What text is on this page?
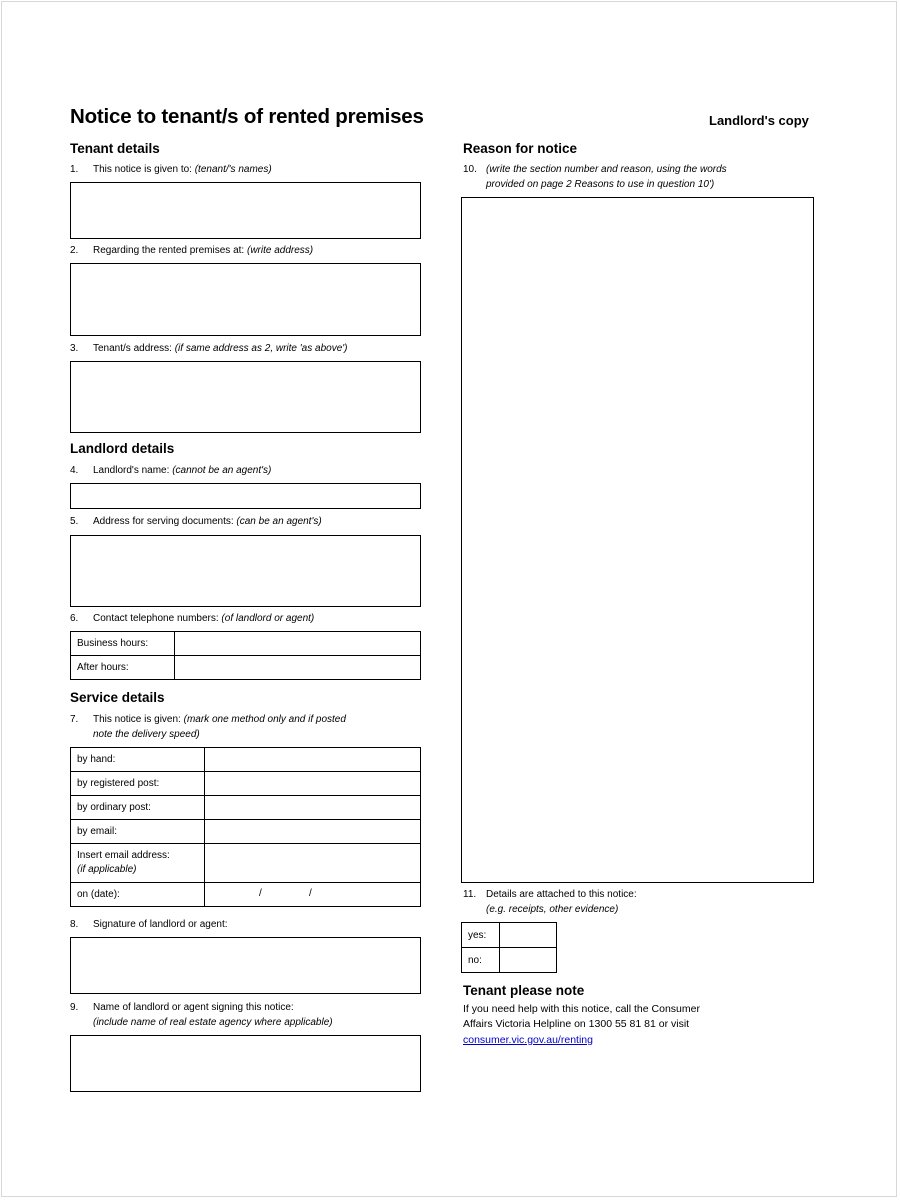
Notice to tenant/s of rented premises	Landlord's copy
Tenant details
1. This notice is given to: (tenant/'s names)
2. Regarding the rented premises at: (write address)
3. Tenant/s address: (if same address as 2, write 'as above')
Landlord details
4. Landlord's name: (cannot be an agent's)
5. Address for serving documents: (can be an agent's)
6. Contact telephone numbers: (of landlord or agent)
Business hours:	
After hours:	
Service details
7. This notice is given: (mark one method only and if posted
note the delivery speed)
by hand:	
by registered post:	
by ordinary post:	
by email:	

Insert email address:
(if applicable)	

on (date):	/ /
8. Signature of landlord or agent:
9. Name of landlord or agent signing this notice:
(include name of real estate agency where applicable)
Reason for notice
10. (write the section number and reason, using the words
provided on page 2 Reasons to use in question 10')
11. Details are attached to this notice:
(e.g. receipts, other evidence)
yes:	
no:	
Tenant please note
If you need help with this notice, call the Consumer
Affairs Victoria Helpline on 1300 55 81 81 or visit
consumer.vic.gov.au/renting
